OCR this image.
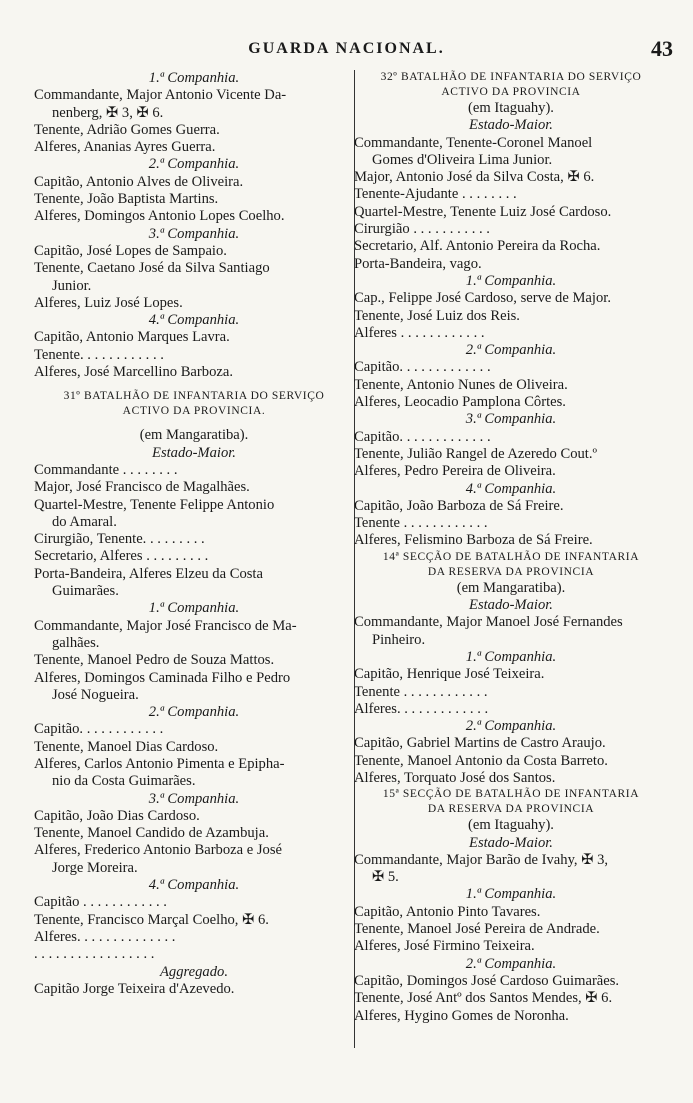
GUARDA NACIONAL.	43
1.ª Companhia.
Commandante, Major Antonio Vicente Da-
nenberg, ✠ 3, ✠ 6.
Tenente, Adrião Gomes Guerra.
Alferes, Ananias Ayres Guerra.
2.ª Companhia.
Capitão, Antonio Alves de Oliveira.
Tenente, João Baptista Martins.
Alferes, Domingos Antonio Lopes Coelho.
3.ª Companhia.
Capitão, José Lopes de Sampaio.
Tenente, Caetano José da Silva Santiago
Junior.
Alferes, Luiz José Lopes.
4.ª Companhia.
Capitão, Antonio Marques Lavra.
Tenente. . . . . . . . . . . .
Alferes, José Marcellino Barboza.
31º BATALHÃO DE INFANTARIA DO SERVIÇO
ACTIVO DA PROVINCIA.
(em Mangaratiba).
Estado-Maior.
Commandante . . . . . . . .
Major, José Francisco de Magalhães.
Quartel-Mestre, Tenente Felippe Antonio
do Amaral.
Cirurgião, Tenente. . . . . . . . .
Secretario, Alferes . . . . . . . . .
Porta-Bandeira, Alferes Elzeu da Costa
Guimarães.
1.ª Companhia.
Commandante, Major José Francisco de Ma-
galhães.
Tenente, Manoel Pedro de Souza Mattos.
Alferes, Domingos Caminada Filho e Pedro
José Nogueira.
2.ª Companhia.
Capitão. . . . . . . . . . . .
Tenente, Manoel Dias Cardoso.
Alferes, Carlos Antonio Pimenta e Epipha-
nio da Costa Guimarães.
3.ª Companhia.
Capitão, João Dias Cardoso.
Tenente, Manoel Candido de Azambuja.
Alferes, Frederico Antonio Barboza e José
Jorge Moreira.
4.ª Companhia.
Capitão . . . . . . . . . . . .
Tenente, Francisco Marçal Coelho, ✠ 6.
Alferes. . . . . . . . . . . . . .
. . . . . . . . . . . . . . . . .
Aggregado.
Capitão Jorge Teixeira d'Azevedo.
32º BATALHÃO DE INFANTARIA DO SERVIÇO
ACTIVO DA PROVINCIA
(em Itaguahy).
Estado-Maior.
Commandante, Tenente-Coronel Manoel
Gomes d'Oliveira Lima Junior.
Major, Antonio José da Silva Costa, ✠ 6.
Tenente-Ajudante . . . . . . . .
Quartel-Mestre, Tenente Luiz José Cardoso.
Cirurgião . . . . . . . . . . .
Secretario, Alf. Antonio Pereira da Rocha.
Porta-Bandeira, vago.
1.ª Companhia.
Cap., Felippe José Cardoso, serve de Major.
Tenente, José Luiz dos Reis.
Alferes . . . . . . . . . . . .
2.ª Companhia.
Capitão. . . . . . . . . . . . .
Tenente, Antonio Nunes de Oliveira.
Alferes, Leocadio Pamplona Côrtes.
3.ª Companhia.
Capitão. . . . . . . . . . . . .
Tenente, Julião Rangel de Azeredo Cout.º
Alferes, Pedro Pereira de Oliveira.
4.ª Companhia.
Capitão, João Barboza de Sá Freire.
Tenente . . . . . . . . . . . .
Alferes, Felismino Barboza de Sá Freire.
14ª SECÇÃO DE BATALHÃO DE INFANTARIA
DA RESERVA DA PROVINCIA
(em Mangaratiba).
Estado-Maior.
Commandante, Major Manoel José Fernandes
Pinheiro.
1.ª Companhia.
Capitão, Henrique José Teixeira.
Tenente . . . . . . . . . . . .
Alferes. . . . . . . . . . . . .
2.ª Companhia.
Capitão, Gabriel Martins de Castro Araujo.
Tenente, Manoel Antonio da Costa Barreto.
Alferes, Torquato José dos Santos.
15ª SECÇÃO DE BATALHÃO DE INFANTARIA
DA RESERVA DA PROVINCIA
(em Itaguahy).
Estado-Maior.
Commandante, Major Barão de Ivahy, ✠ 3,
✠ 5.
1.ª Companhia.
Capitão, Antonio Pinto Tavares.
Tenente, Manoel José Pereira de Andrade.
Alferes, José Firmino Teixeira.
2.ª Companhia.
Capitão, Domingos José Cardoso Guimarães.
Tenente, José Antº dos Santos Mendes, ✠ 6.
Alferes, Hygino Gomes de Noronha.
